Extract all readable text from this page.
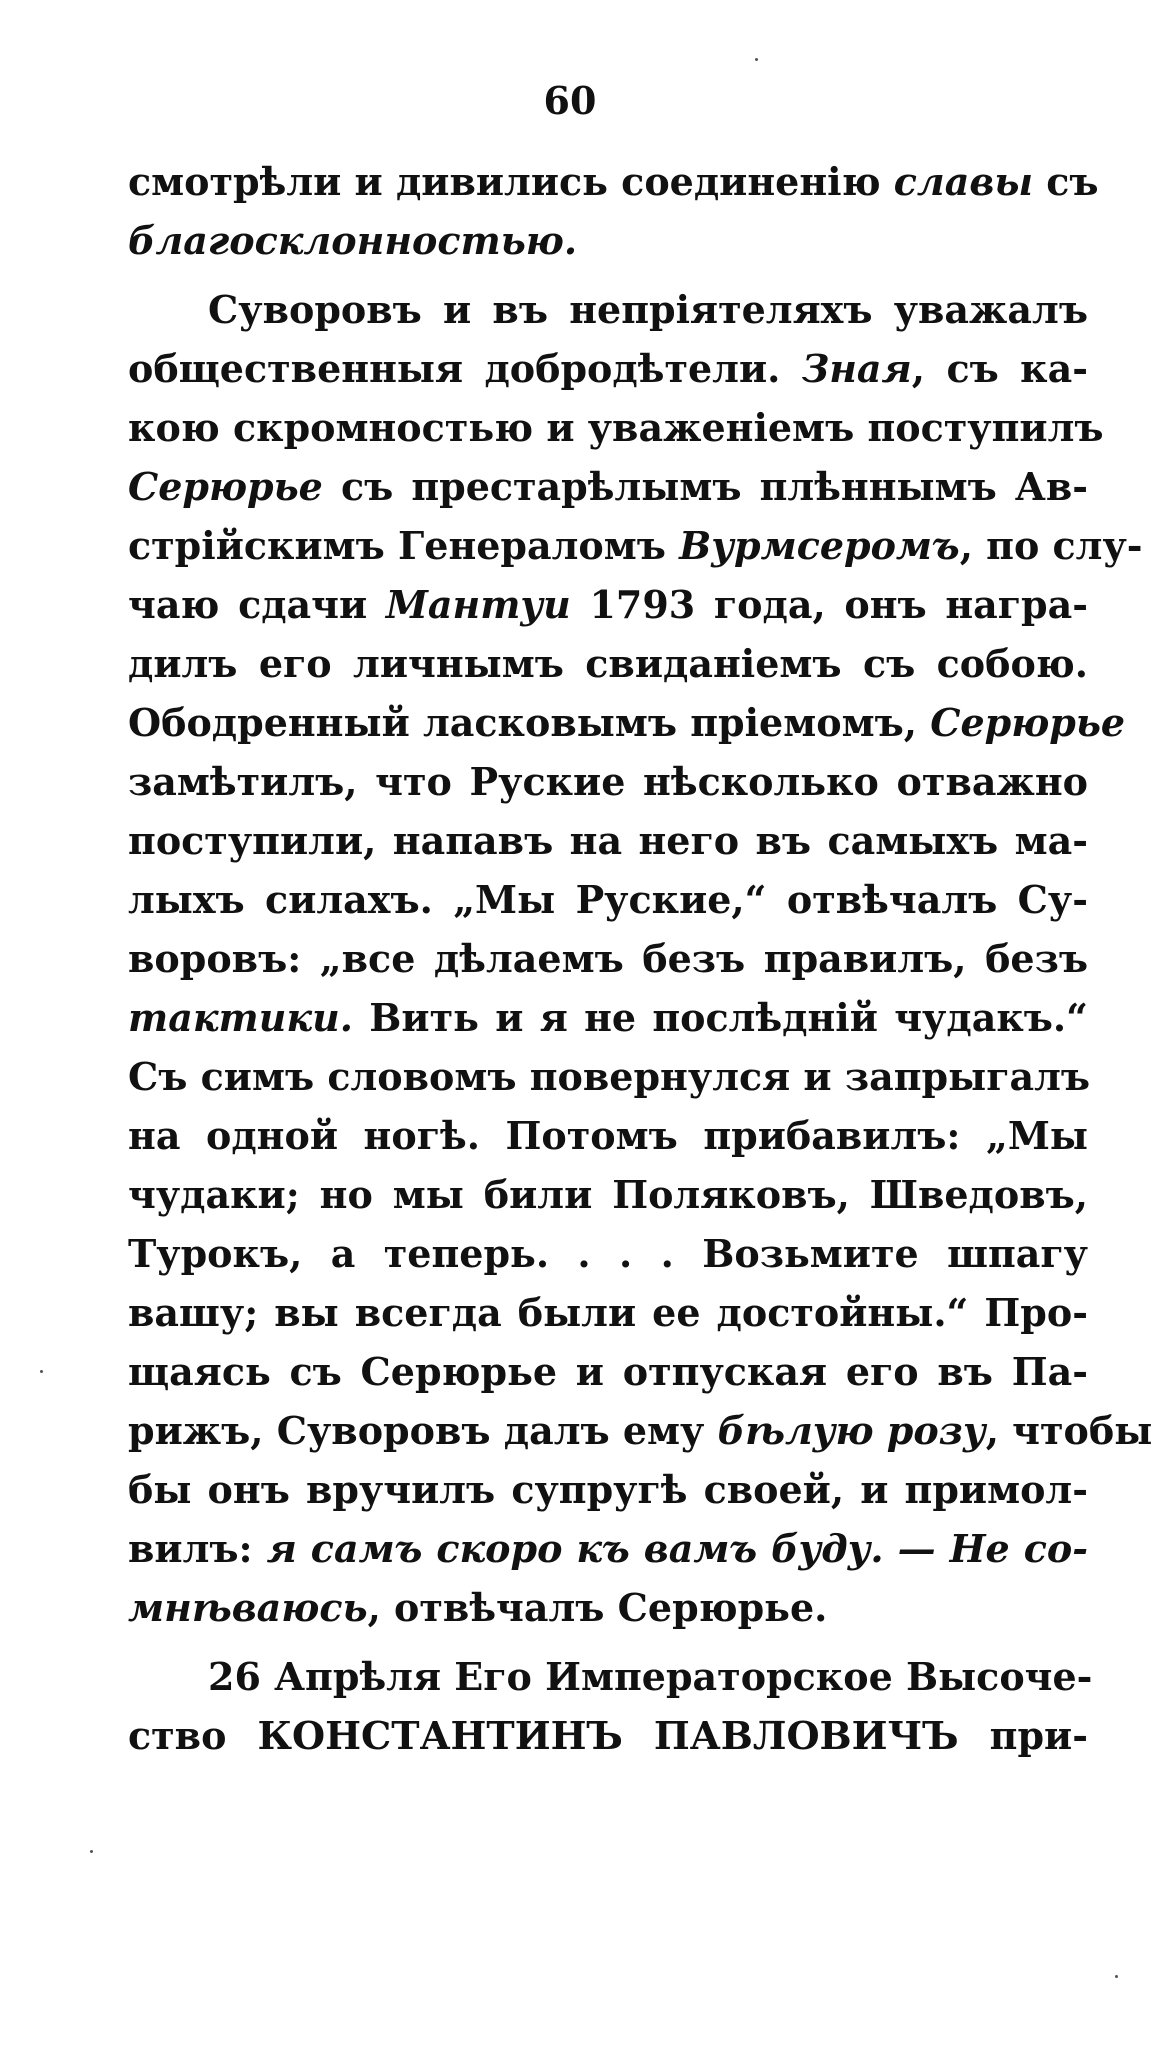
60
смотрѣли и дивились соединенію славы съ
благосклонностью.
Суворовъ и въ непріятеляхъ уважалъ
общественныя добродѣтели. Зная, съ ка-
кою скромностью и уваженіемъ поступилъ
Серюрье съ престарѣлымъ плѣннымъ Ав-
стрійскимъ Генераломъ Вурмсеромъ, по слу-
чаю сдачи Мантуи 1793 года, онъ награ-
дилъ его личнымъ свиданіемъ съ собою.
Ободренный ласковымъ пріемомъ, Серюрье
замѣтилъ, что Руские нѣсколько отважно
поступили, напавъ на него въ самыхъ ма-
лыхъ силахъ. „Мы Руские,“ отвѣчалъ Су-
воровъ: „все дѣлаемъ безъ правилъ, безъ
тактики. Вить и я не послѣдній чудакъ.“
Съ симъ словомъ повернулся и запрыгалъ
на одной ногѣ. Потомъ прибавилъ: „Мы
чудаки; но мы били Поляковъ, Шведовъ,
Турокъ, а теперь. . . . Возьмите шпагу
вашу; вы всегда были ее достойны.“ Про-
щаясь съ Серюрье и отпуская его въ Па-
рижъ, Суворовъ далъ ему бѣлую розу, чтобы
бы онъ вручилъ супругѣ своей, и примол-
вилъ: я самъ скоро къ вамъ буду. — Не со-
мнѣваюсь, отвѣчалъ Серюрье.
26 Апрѣля Его Императорское Высоче-
ство КОНСТАНТИНЪ ПАВЛОВИЧЪ при-
